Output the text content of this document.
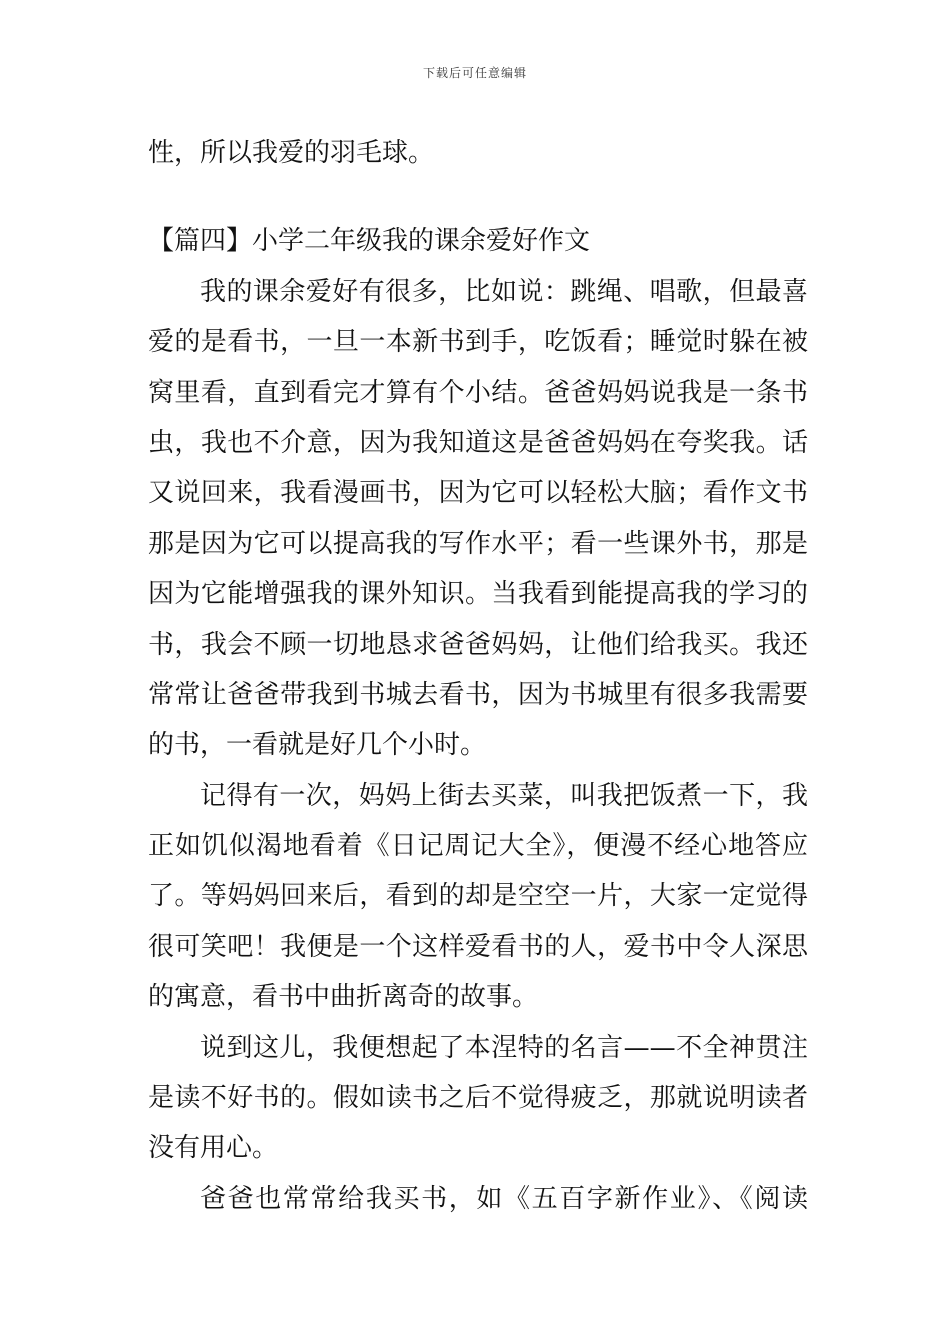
下载后可任意编辑
性，所以我爱的羽毛球。
【篇四】小学二年级我的课余爱好作文
我的课余爱好有很多，比如说：跳绳、唱歌，但最喜
爱的是看书，一旦一本新书到手，吃饭看；睡觉时躲在被
窝里看，直到看完才算有个小结。爸爸妈妈说我是一条书
虫，我也不介意，因为我知道这是爸爸妈妈在夸奖我。话
又说回来，我看漫画书，因为它可以轻松大脑；看作文书
那是因为它可以提高我的写作水平；看一些课外书，那是
因为它能增强我的课外知识。当我看到能提高我的学习的
书，我会不顾一切地恳求爸爸妈妈，让他们给我买。我还
常常让爸爸带我到书城去看书，因为书城里有很多我需要
的书，一看就是好几个小时。
记得有一次，妈妈上街去买菜，叫我把饭煮一下，我
正如饥似渴地看着《日记周记大全》，便漫不经心地答应
了。等妈妈回来后，看到的却是空空一片，大家一定觉得
很可笑吧！我便是一个这样爱看书的人，爱书中令人深思
的寓意，看书中曲折离奇的故事。
说到这儿，我便想起了本涅特的名言——不全神贯注
是读不好书的。假如读书之后不觉得疲乏，那就说明读者
没有用心。
爸爸也常常给我买书，如《五百字新作业》、《阅读
